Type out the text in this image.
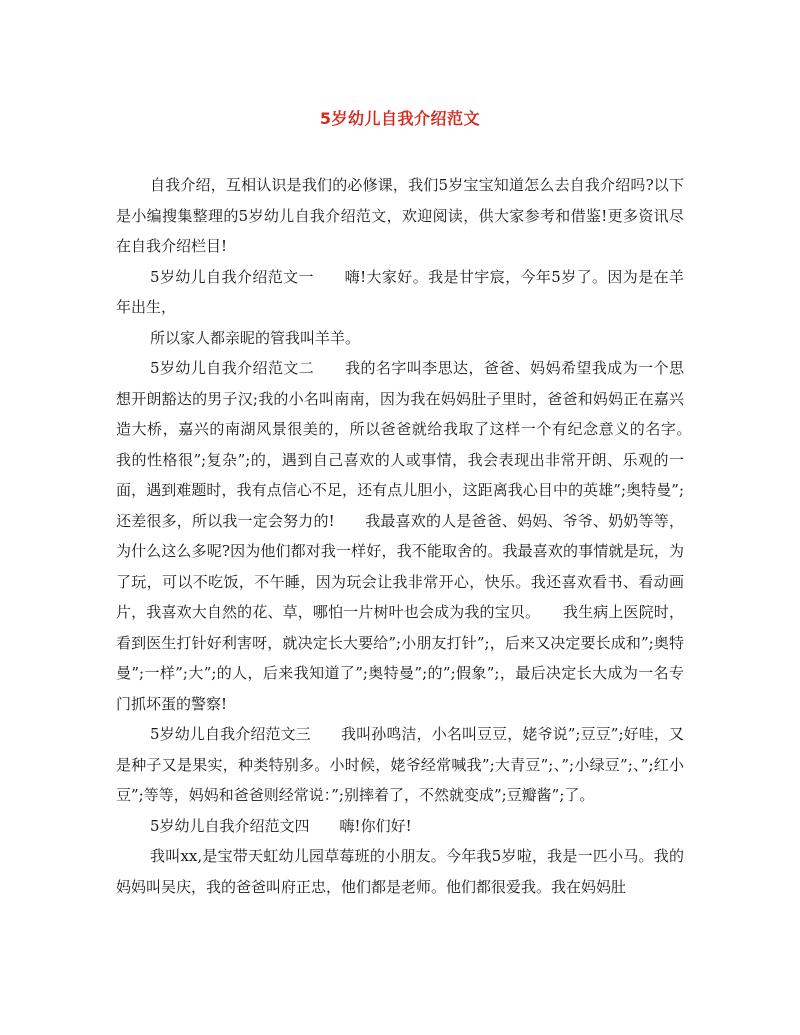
5岁幼儿自我介绍范文

自我介绍，互相认识是我们的必修课，我们5岁宝宝知道怎么去自我介绍吗?以下是小编搜集整理的5岁幼儿自我介绍范文，欢迎阅读，供大家参考和借鉴!更多资讯尽在自我介绍栏目!

5岁幼儿自我介绍范文一　　嗨!大家好。我是甘宇宸，今年5岁了。因为是在羊年出生，

所以家人都亲昵的管我叫羊羊。

5岁幼儿自我介绍范文二　　我的名字叫李思达，爸爸、妈妈希望我成为一个思想开朗豁达的男子汉;我的小名叫南南，因为我在妈妈肚子里时，爸爸和妈妈正在嘉兴造大桥，嘉兴的南湖风景很美的，所以爸爸就给我取了这样一个有纪念意义的名字。　　我的性格很”;复杂”;的，遇到自己喜欢的人或事情，我会表现出非常开朗、乐观的一面，遇到难题时，我有点信心不足，还有点儿胆小，这距离我心目中的英雄”;奥特曼”;还差很多，所以我一定会努力的!　　我最喜欢的人是爸爸、妈妈、爷爷、奶奶等等，为什么这么多呢?因为他们都对我一样好，我不能取舍的。我最喜欢的事情就是玩，为了玩，可以不吃饭，不午睡，因为玩会让我非常开心，快乐。我还喜欢看书、看动画片，我喜欢大自然的花、草，哪怕一片树叶也会成为我的宝贝。　　我生病上医院时，看到医生打针好利害呀，就决定长大要给”;小朋友打针”;，后来又决定要长成和”;奥特曼”;一样”;大”;的人，后来我知道了”;奥特曼”;的”;假象”;，最后决定长大成为一名专门抓坏蛋的警察!

5岁幼儿自我介绍范文三　　我叫孙鸣洁，小名叫豆豆，姥爷说”;豆豆”;好哇，又是种子又是果实，种类特别多。小时候，姥爷经常喊我”;大青豆”;、”;小绿豆”;、”;红小豆”;等等，妈妈和爸爸则经常说：”;别摔着了，不然就变成”;豆瓣酱”;了。

5岁幼儿自我介绍范文四　　嗨!你们好!

我叫xx,是宝带天虹幼儿园草莓班的小朋友。今年我5岁啦，我是一匹小马。我的妈妈叫吴庆，我的爸爸叫府正忠，他们都是老师。他们都很爱我。我在妈妈肚
